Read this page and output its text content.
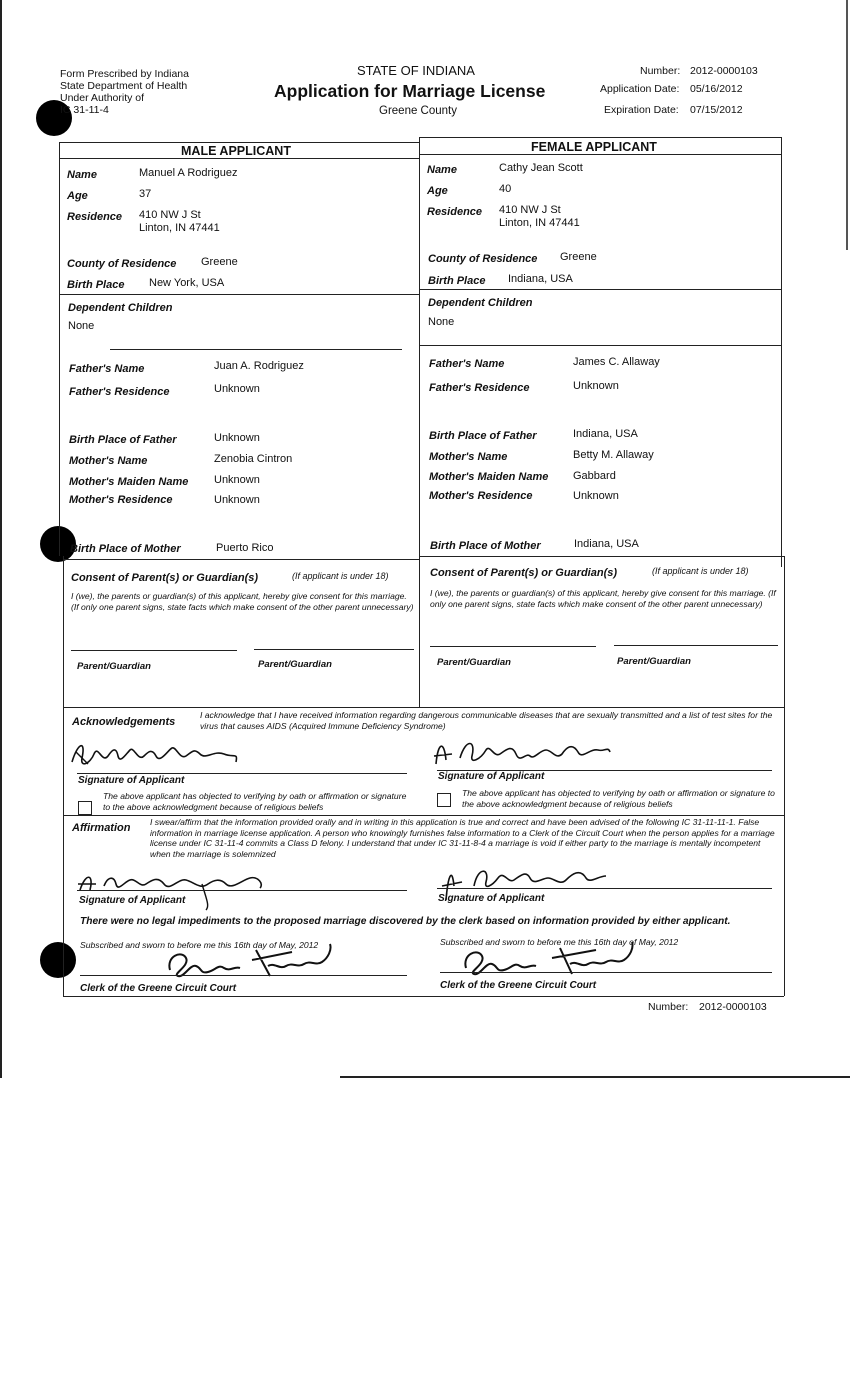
Form Prescribed by Indiana
State Department of Health
Under Authority of
IC 31-11-4
STATE OF INDIANA
Application for Marriage License
Greene County
Number: 2012-0000103
Application Date: 05/16/2012
Expiration Date: 07/15/2012
MALE APPLICANT	FEMALE APPLICANT
Name	Manuel A Rodriguez
Age	37
Residence 410 NW J St
Linton, IN 47441
County of Residence Greene
Birth Place New York, USA
Dependent Children
None
Father's Name	Juan A. Rodriguez
Father's Residence	Unknown
Birth Place of Father	Unknown
Mother's Name	Zenobia Cintron
Mother's Maiden Name Unknown
Mother's Residence	Unknown
Birth Place of Mother	Puerto Rico
Name	Cathy Jean Scott
Age	40
Residence 410 NW J St
Linton, IN 47441
County of Residence Greene
Birth Place Indiana, USA
Dependent Children
None
Father's Name	James C. Allaway
Father's Residence	Unknown
Birth Place of Father	Indiana, USA
Mother's Name	Betty M. Allaway
Mother's Maiden Name Gabbard
Mother's Residence	Unknown
Birth Place of Mother	Indiana, USA
Consent of Parent(s) or Guardian(s)	(If applicant is under 18)
I (we), the parents or guardian(s) of this applicant, hereby give consent for this marriage. (If only one parent signs, state facts which make consent of the other parent unnecessary)
Parent/Guardian	Parent/Guardian
Consent of Parent(s) or Guardian(s)	(If applicant is under 18)
I (we), the parents or guardian(s) of this applicant, hereby give consent for this marriage. (If only one parent signs, state facts which make consent of the other parent unnecessary)
Parent/Guardian	Parent/Guardian
Acknowledgements
I acknowledge that I have received information regarding dangerous communicable diseases that are sexually transmitted and a list of test sites for the virus that causes AIDS (Acquired Immune Deficiency Syndrome)
Signature of Applicant
The above applicant has objected to verifying by oath or affirmation or signature to the above acknowledgment because of religious beliefs
Signature of Applicant
The above applicant has objected to verifying by oath or affirmation or signature to the above acknowledgment because of religious beliefs
Affirmation I swear/affirm that the information provided orally and in writing in this application is true and correct and have been advised of the following IC 31-11-11-1. False information in marriage license application. A person who knowingly furnishes false information to a Clerk of the Circuit Court when the person applies for a marriage license under IC 31-11-4 commits a Class D felony. I understand that under IC 31-11-8-4 a marriage is void if either party to the marriage is mentally incompetent when the marriage is solemnized
Signature of Applicant	Signature of Applicant
There were no legal impediments to the proposed marriage discovered by the clerk based on information provided by either applicant.
Subscribed and sworn to before me this 16th day of May, 2012
Clerk of the Greene Circuit Court
Subscribed and sworn to before me this 16th day of May, 2012
Clerk of the Greene Circuit Court
Number: 2012-0000103
